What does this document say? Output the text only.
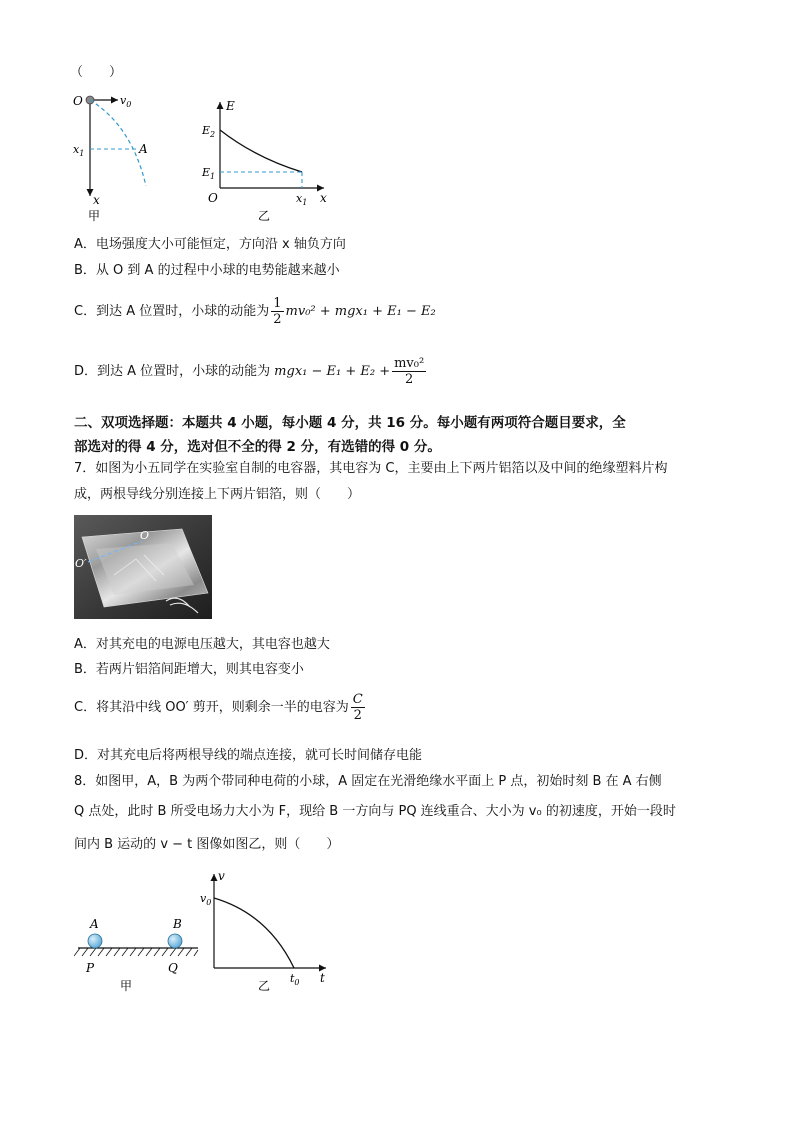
（　　）
O	$v_0$
$x_1$	A
x
甲
E
$E_2$
$E_1$
O	$x_1$ x
乙
A．电场强度大小可能恒定，方向沿 x 轴负方向
B．从 O 到 A 的过程中小球的电势能越来越小
C．到达 A 位置时，小球的动能为 $\frac{1}{2} mv_0^2 + mgx_1 + E_1 - E_2$
D．到达 A 位置时，小球的动能为 $mgx_1 - E_1 + E_2 + \frac{\text{mv₀²}}{2}$
二、双项选择题：本题共 4 小题，每小题 4 分，共 16 分。每小题有两项符合题目要求，全
部选对的得 4 分，选对但不全的得 2 分，有选错的得 0 分。
7．如图为小五同学在实验室自制的电容器，其电容为 C，主要由上下两片铝箔以及中间的绝缘塑料片构
成，两根导线分别连接上下两片铝箔，则（　　）
O
O′
A．对其充电的电源电压越大，其电容也越大
B．若两片铝箔间距增大，则其电容变小
C．将其沿中线 OO′ 剪开，则剩余一半的电容为 $\frac{C}{2}$
D．对其充电后将两根导线的端点连接，就可长时间储存电能
8．如图甲，A，B 为两个带同种电荷的小球，A 固定在光滑绝缘水平面上 P 点，初始时刻 B 在 A 右侧
Q 点处，此时 B 所受电场力大小为 F，现给 B 一方向与 PQ 连线重合、大小为 v₀ 的初速度，开始一段时
间内 B 运动的 v − t 图像如图乙，则（　　）
A	B
P	Q
甲
v
$v_0$
$t_0$ t
乙
